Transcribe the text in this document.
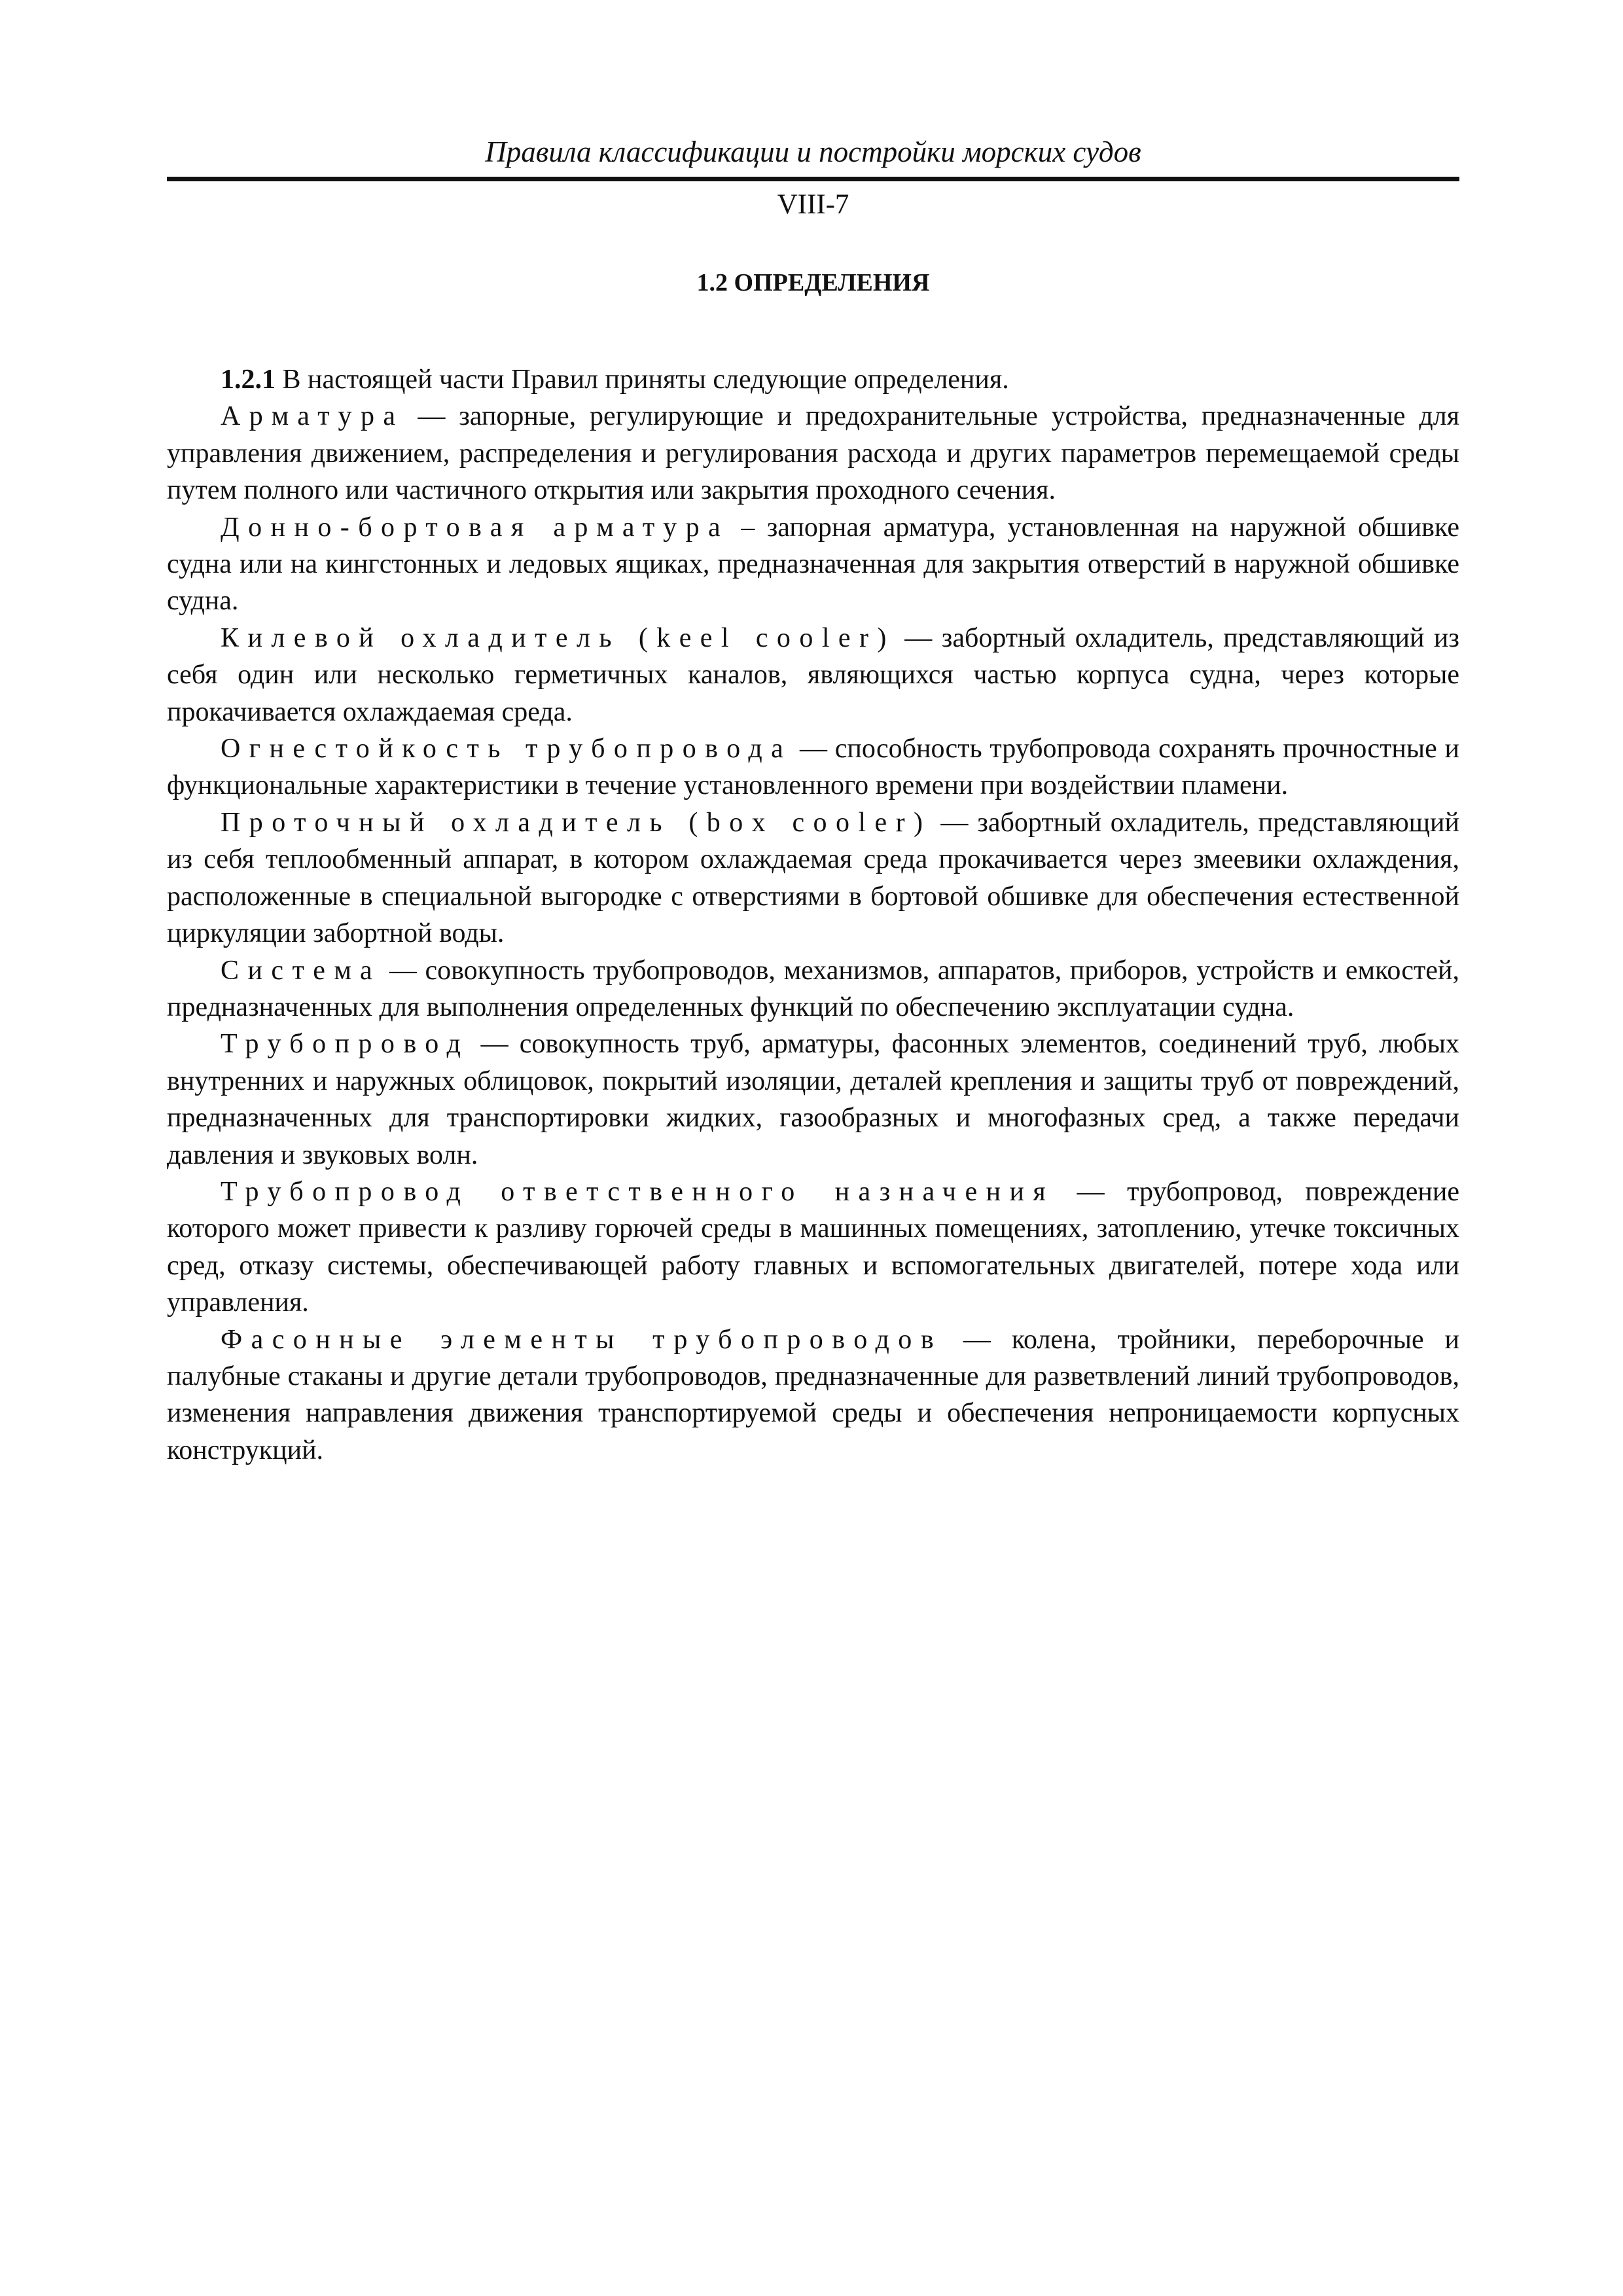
Правила классификации и постройки морских судов
VIII-7
1.2 ОПРЕДЕЛЕНИЯ

1.2.1 В настоящей части Правил приняты следующие определения.

Арматура — запорные, регулирующие и предохранительные устройства, предназначенные для управления движением, распределения и регулирования расхода и других параметров перемещаемой среды путем полного или частичного открытия или закрытия проходного сечения.

Донно-бортовая арматура – запорная арматура, установленная на наружной обшивке судна или на кингстонных и ледовых ящиках, предназначенная для закрытия отверстий в наружной обшивке судна.

Килевой охладитель (keel cooler) — забортный охладитель, представляющий из себя один или несколько герметичных каналов, являющихся частью корпуса судна, через которые прокачивается охлаждаемая среда.

Огнестойкость трубопровода — способность трубопровода сохранять прочностные и функциональные характеристики в течение установленного времени при воздействии пламени.

Проточный охладитель (box cooler) — забортный охладитель, представляющий из себя теплообменный аппарат, в котором охлаждаемая среда прокачивается через змеевики охлаждения, расположенные в специальной выгородке с отверстиями в бортовой обшивке для обеспечения естественной циркуляции забортной воды.

Система — совокупность трубопроводов, механизмов, аппаратов, приборов, устройств и емкостей, предназначенных для выполнения определенных функций по обеспечению эксплуатации судна.

Трубопровод — совокупность труб, арматуры, фасонных элементов, соединений труб, любых внутренних и наружных облицовок, покрытий изоляции, деталей крепления и защиты труб от повреждений, предназначенных для транспортировки жидких, газообразных и многофазных сред, а также передачи давления и звуковых волн.

Трубопровод ответственного назначения — трубопровод, повреждение которого может привести к разливу горючей среды в машинных помещениях, затоплению, утечке токсичных сред, отказу системы, обеспечивающей работу главных и вспомогательных двигателей, потере хода или управления.

Фасонные элементы трубопроводов — колена, тройники, переборочные и палубные стаканы и другие детали трубопроводов, предназначенные для разветвлений линий трубопроводов, изменения направления движения транспортируемой среды и обеспечения непроницаемости корпусных конструкций.
